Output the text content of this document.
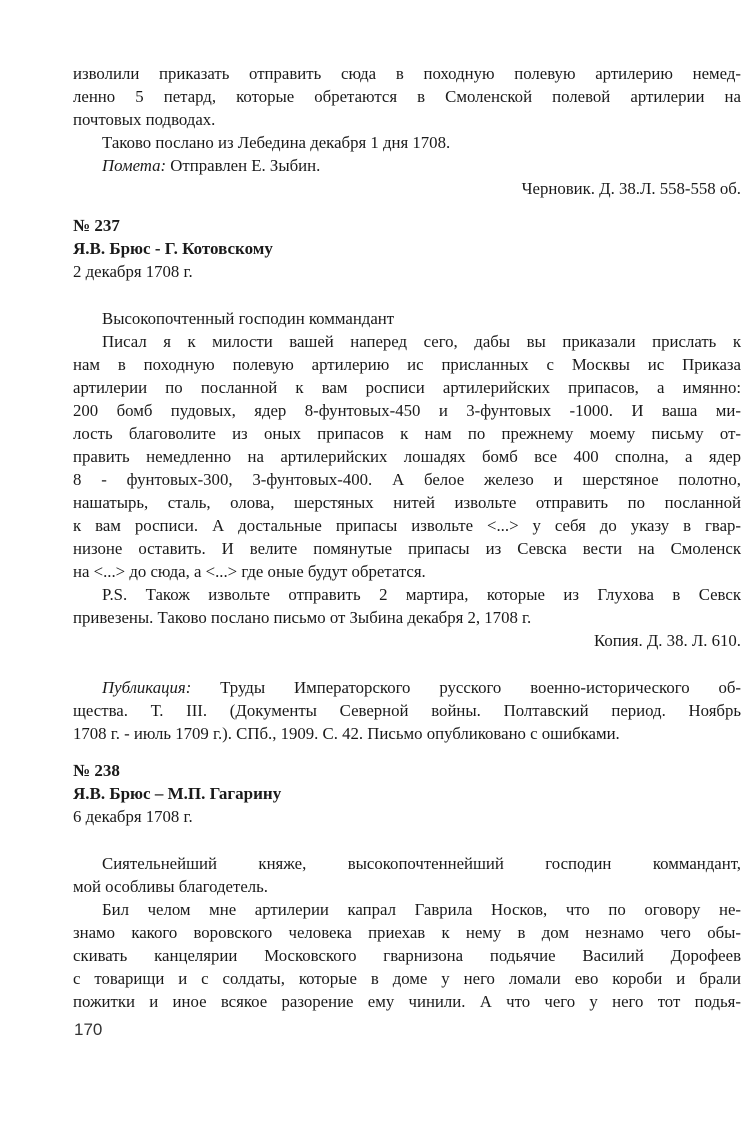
изволили приказать отправить сюда в походную полевую артилерию немед-

ленно 5 петард, которые обретаются в Смоленской полевой артилерии на

почтовых подводах.

Таково послано из Лебедина декабря 1 дня 1708.

Помета: Отправлен Е. Зыбин.

Черновик. Д. 38.Л. 558-558 об.

№ 237

Я.В. Брюс - Г. Котовскому

2 декабря 1708 г.

Высокопочтенный господин коммандант

Писал я к милости вашей наперед сего, дабы вы приказали прислать к

нам в походную полевую артилерию ис присланных с Москвы ис Приказа

артилерии по посланной к вам росписи артилерийских припасов, а имянно:

200 бомб пудовых, ядер 8-фунтовых-450 и 3-фунтовых -1000. И ваша ми-

лость благоволите из оных припасов к нам по прежнему моему письму от-

править немедленно на артилерийских лошадях бомб все 400 сполна, а ядер

8 - фунтовых-300, 3-фунтовых-400. А белое железо и шерстяное полотно,

нашатырь, сталь, олова, шерстяных нитей извольте отправить по посланной

к вам росписи. А достальные припасы извольте <...> у себя до указу в гвар-

низоне оставить. И велите помянутые припасы из Севска вести на Смоленск

на <...> до сюда, а <...> где оные будут обретатся.

P.S. Також извольте отправить 2 мартира, которые из Глухова в Севск

привезены. Таково послано письмо от Зыбина декабря 2, 1708 г.

Копия. Д. 38. Л. 610.

Публикация: Труды Императорского русского военно-исторического об-

щества. Т. III. (Документы Северной войны. Полтавский период. Ноябрь

1708 г. - июль 1709 г.). СПб., 1909. С. 42. Письмо опубликовано с ошибками.

№ 238

Я.В. Брюс – М.П. Гагарину

6 декабря 1708 г.

Сиятельнейший княже, высокопочтеннейший господин коммандант,

мой особливы благодетель.

Бил челом мне артилерии капрал Гаврила Носков, что по оговору не-

знамо какого воровского человека приехав к нему в дом незнамо чего обы-

скивать канцелярии Московского гварнизона подьячие Василий Дорофеев

с товарищи и с солдаты, которые в доме у него ломали ево короби и брали

пожитки и иное всякое разорение ему чинили. А что чего у него тот подья-

170
